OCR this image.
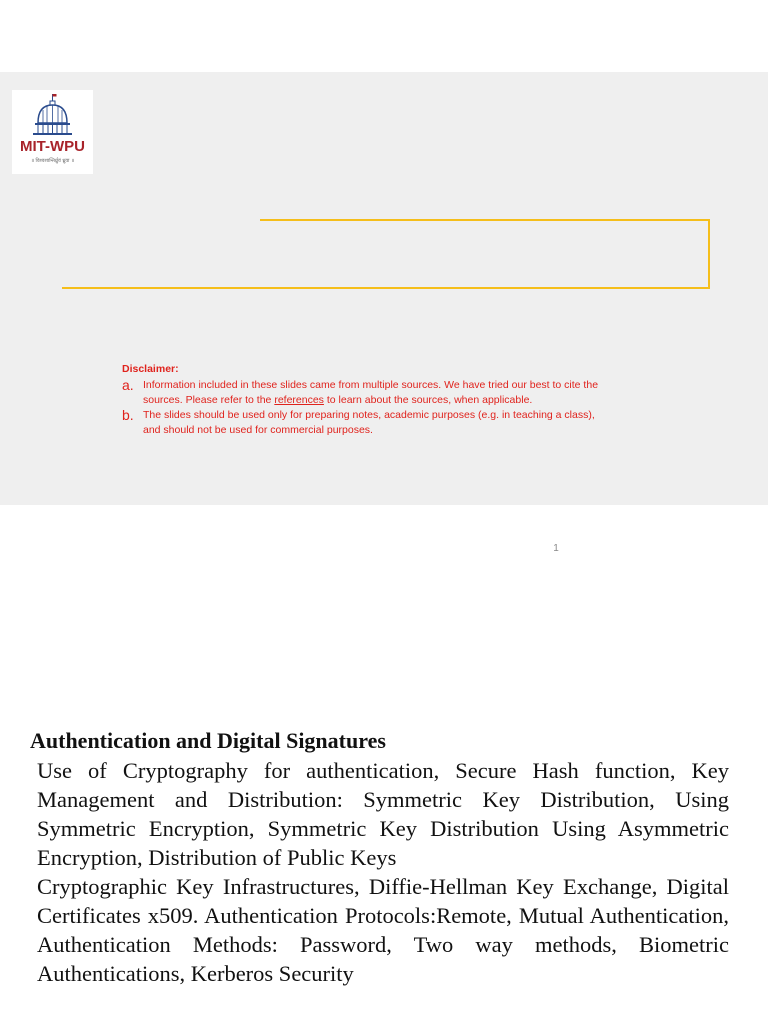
MIT-WPU
॥ विश्वशान्तिर्ध्रुवं ध्रुवा ॥
Disclaimer:
a. Information included in these slides came from multiple sources. We have tried our best to cite the sources. Please refer to the references to learn about the sources, when applicable.
b. The slides should be used only for preparing notes, academic purposes (e.g. in teaching a class), and should not be used for commercial purposes.
1
Authentication and Digital Signatures

Use of Cryptography for authentication, Secure Hash function, Key Management and Distribution: Symmetric Key Distribution, Using Symmetric Encryption, Symmetric Key Distribution Using Asymmetric Encryption, Distribution of Public Keys

Cryptographic Key Infrastructures, Diffie-Hellman Key Exchange, Digital Certificates x509. Authentication Protocols:Remote, Mutual Authentication, Authentication Methods: Password, Two way methods, Biometric Authentications, Kerberos Security
